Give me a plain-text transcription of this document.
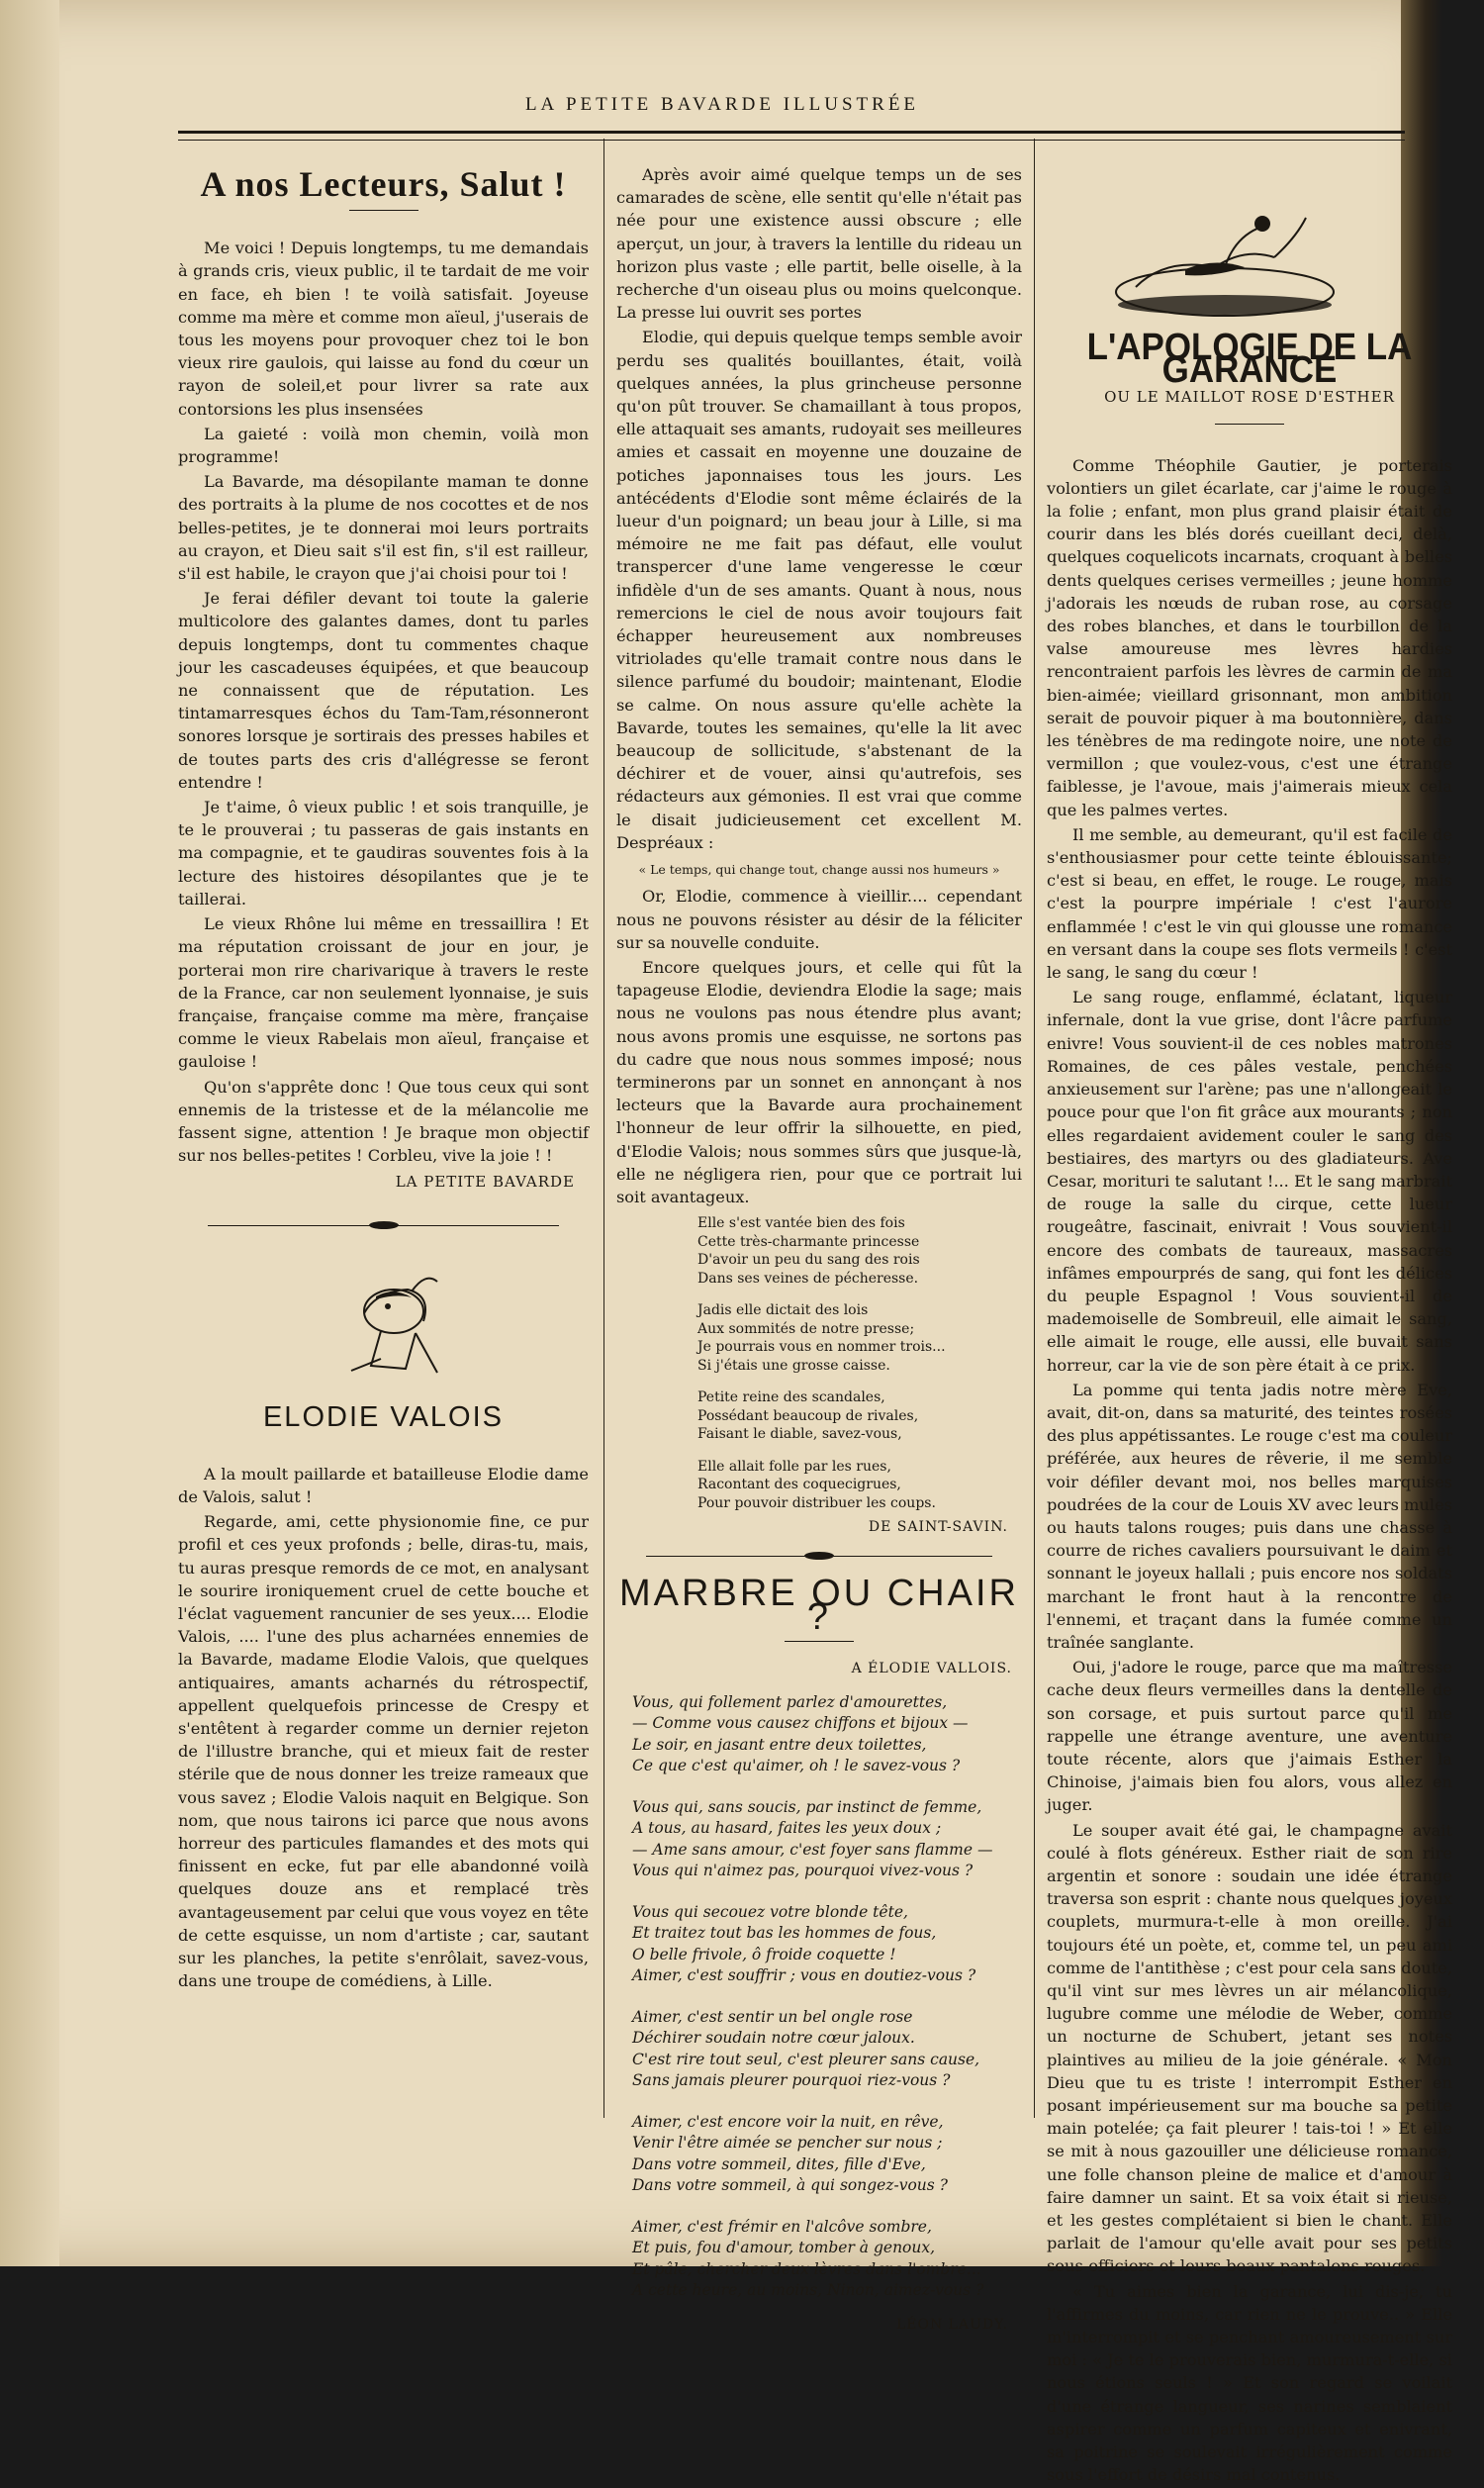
LA PETITE BAVARDE ILLUSTRÉE
A nos Lecteurs, Salut !

Me voici ! Depuis longtemps, tu me demandais à grands cris, vieux public, il te tardait de me voir en face, eh bien ! te voilà satisfait. Joyeuse comme ma mère et comme mon aïeul, j'userais de tous les moyens pour provoquer chez toi le bon vieux rire gaulois, qui laisse au fond du cœur un rayon de soleil,et pour livrer sa rate aux contorsions les plus insensées

La gaieté : voilà mon chemin, voilà mon programme!

La Bavarde, ma désopilante maman te donne des portraits à la plume de nos cocottes et de nos belles-petites, je te donnerai moi leurs portraits au crayon, et Dieu sait s'il est fin, s'il est railleur, s'il est habile, le crayon que j'ai choisi pour toi !

Je ferai défiler devant toi toute la galerie multicolore des galantes dames, dont tu parles depuis longtemps, dont tu commentes chaque jour les cascadeuses équipées, et que beaucoup ne connaissent que de réputation. Les tintamarresques échos du Tam-Tam,résonneront sonores lorsque je sortirais des presses habiles et de toutes parts des cris d'allégresse se feront entendre !

Je t'aime, ô vieux public ! et sois tranquille, je te le prouverai ; tu passeras de gais instants en ma compagnie, et te gaudiras souventes fois à la lecture des histoires désopilantes que je te taillerai.

Le vieux Rhône lui même en tressaillira ! Et ma réputation croissant de jour en jour, je porterai mon rire charivarique à travers le reste de la France, car non seulement lyonnaise, je suis française, française comme ma mère, française comme le vieux Rabelais mon aïeul, française et gauloise !

Qu'on s'apprête donc ! Que tous ceux qui sont ennemis de la tristesse et de la mélancolie me fassent signe, attention ! Je braque mon objectif sur nos belles-petites ! Corbleu, vive la joie ! !

LA PETITE BAVARDE
ELODIE VALOIS

A la moult paillarde et batailleuse Elodie dame de Valois, salut !

Regarde, ami, cette physionomie fine, ce pur profil et ces yeux profonds ; belle, diras-tu, mais, tu auras presque remords de ce mot, en analysant le sourire ironiquement cruel de cette bouche et l'éclat vaguement rancunier de ses yeux.... Elodie Valois, .... l'une des plus acharnées ennemies de la Bavarde, madame Elodie Valois, que quelques antiquaires, amants acharnés du rétrospectif, appellent quelquefois princesse de Crespy et s'entêtent à regarder comme un dernier rejeton de l'illustre branche, qui et mieux fait de rester stérile que de nous donner les treize rameaux que vous savez ; Elodie Valois naquit en Belgique. Son nom, que nous tairons ici parce que nous avons horreur des particules flamandes et des mots qui finissent en ecke, fut par elle abandonné voilà quelques douze ans et remplacé très avantageusement par celui que vous voyez en tête de cette esquisse, un nom d'artiste ; car, sautant sur les planches, la petite s'enrôlait, savez-vous, dans une troupe de comédiens, à Lille.

Après avoir aimé quelque temps un de ses camarades de scène, elle sentit qu'elle n'était pas née pour une existence aussi obscure ; elle aperçut, un jour, à travers la lentille du rideau un horizon plus vaste ; elle partit, belle oiselle, à la recherche d'un oiseau plus ou moins quelconque. La presse lui ouvrit ses portes

Elodie, qui depuis quelque temps semble avoir perdu ses qualités bouillantes, était, voilà quelques années, la plus grincheuse personne qu'on pût trouver. Se chamaillant à tous propos, elle attaquait ses amants, rudoyait ses meilleures amies et cassait en moyenne une douzaine de potiches japonnaises tous les jours. Les antécédents d'Elodie sont même éclairés de la lueur d'un poignard; un beau jour à Lille, si ma mémoire ne me fait pas défaut, elle voulut transpercer d'une lame vengeresse le cœur infidèle d'un de ses amants. Quant à nous, nous remercions le ciel de nous avoir toujours fait échapper heureusement aux nombreuses vitriolades qu'elle tramait contre nous dans le silence parfumé du boudoir; maintenant, Elodie se calme. On nous assure qu'elle achète la Bavarde, toutes les semaines, qu'elle la lit avec beaucoup de sollicitude, s'abstenant de la déchirer et de vouer, ainsi qu'autrefois, ses rédacteurs aux gémonies. Il est vrai que comme le disait judicieusement cet excellent M. Despréaux :

« Le temps, qui change tout, change aussi nos humeurs »

Or, Elodie, commence à vieillir.... cependant nous ne pouvons résister au désir de la féliciter sur sa nouvelle conduite.

Encore quelques jours, et celle qui fût la tapageuse Elodie, deviendra Elodie la sage; mais nous ne voulons pas nous étendre plus avant; nous avons promis une esquisse, ne sortons pas du cadre que nous nous sommes imposé; nous terminerons par un sonnet en annonçant à nos lecteurs que la Bavarde aura prochainement l'honneur de leur offrir la silhouette, en pied, d'Elodie Valois; nous sommes sûrs que jusque-là, elle ne négligera rien, pour que ce portrait lui soit avantageux.

Elle s'est vantée bien des fois
Cette très-charmante princesse
D'avoir un peu du sang des rois
Dans ses veines de pécheresse.
Jadis elle dictait des lois
Aux sommités de notre presse;
Je pourrais vous en nommer trois...
Si j'étais une grosse caisse.
Petite reine des scandales,
Possédant beaucoup de rivales,
Faisant le diable, savez-vous,
Elle allait folle par les rues,
Racontant des coquecigrues,
Pour pouvoir distribuer les coups.
DE SAINT-SAVIN.
MARBRE OU CHAIR ?
A ÉLODIE VALLOIS.
Vous, qui follement parlez d'amourettes,
— Comme vous causez chiffons et bijoux —
Le soir, en jasant entre deux toilettes,
Ce que c'est qu'aimer, oh ! le savez-vous ?
Vous qui, sans soucis, par instinct de femme,
A tous, au hasard, faites les yeux doux ;
— Ame sans amour, c'est foyer sans flamme —
Vous qui n'aimez pas, pourquoi vivez-vous ?
Vous qui secouez votre blonde tête,
Et traitez tout bas les hommes de fous,
O belle frivole, ô froide coquette !
Aimer, c'est souffrir ; vous en doutiez-vous ?
Aimer, c'est sentir un bel ongle rose
Déchirer soudain notre cœur jaloux.
C'est rire tout seul, c'est pleurer sans cause,
Sans jamais pleurer pourquoi riez-vous ?
Aimer, c'est encore voir la nuit, en rêve,
Venir l'être aimée se pencher sur nous ;
Dans votre sommeil, dites, fille d'Eve,
Dans votre sommeil, à qui songez-vous ?
Aimer, c'est frémir en l'alcôve sombre,
Et puis, fou d'amour, tomber à genoux,
Et pâle, chercher deux lèvres dans l'ombre...
A cette heure, au moins, Ninon, aimez-vous ?
LÉON LAUDY.
L'APOLOGIE DE LA GARANCE
OU LE MAILLOT ROSE D'ESTHER

Comme Théophile Gautier, je porterais volontiers un gilet écarlate, car j'aime le rouge à la folie ; enfant, mon plus grand plaisir était de courir dans les blés dorés cueillant deci, delà, quelques coquelicots incarnats, croquant à belles dents quelques cerises vermeilles ; jeune homme j'adorais les nœuds de ruban rose, au corsage des robes blanches, et dans le tourbillon de la valse amoureuse mes lèvres hardies rencontraient parfois les lèvres de carmin de ma bien-aimée; vieillard grisonnant, mon ambition serait de pouvoir piquer à ma boutonnière, dans les ténèbres de ma redingote noire, une note de vermillon ; que voulez-vous, c'est une étrange faiblesse, je l'avoue, mais j'aimerais mieux cela que les palmes vertes.

Il me semble, au demeurant, qu'il est facile de s'enthousiasmer pour cette teinte éblouissante; c'est si beau, en effet, le rouge. Le rouge, mais c'est la pourpre impériale ! c'est l'aurore enflammée ! c'est le vin qui glousse une romance en versant dans la coupe ses flots vermeils ! c'est le sang, le sang du cœur !

Le sang rouge, enflammé, éclatant, liqueur infernale, dont la vue grise, dont l'âcre parfume enivre! Vous souvient-il de ces nobles matrones Romaines, de ces pâles vestale, penchées anxieusement sur l'arène; pas une n'allongeait le pouce pour que l'on fit grâce aux mourants ; non elles regardaient avidement couler le sang des bestiaires, des martyrs ou des gladiateurs. Ave Cesar, morituri te salutant !... Et le sang marbrait de rouge la salle du cirque, cette lueur rougeâtre, fascinait, enivrait ! Vous souvient-il encore des combats de taureaux, massacres infâmes empourprés de sang, qui font les délices du peuple Espagnol ! Vous souvient-il de mademoiselle de Sombreuil, elle aimait le sang, elle aimait le rouge, elle aussi, elle buvait sans horreur, car la vie de son père était à ce prix.

La pomme qui tenta jadis notre mère Eve, avait, dit-on, dans sa maturité, des teintes rosées des plus appétissantes. Le rouge c'est ma couleur préférée, aux heures de rêverie, il me semble voir défiler devant moi, nos belles marquises poudrées de la cour de Louis XV avec leurs mules ou hauts talons rouges; puis dans une chasse à courre de riches cavaliers poursuivant le daim et sonnant le joyeux hallali ; puis encore nos soldats marchant le front haut à la rencontre de l'ennemi, et traçant dans la fumée comme un traînée sanglante.

Oui, j'adore le rouge, parce que ma maîtresse cache deux fleurs vermeilles dans la dentelle de son corsage, et puis surtout parce qu'il me rappelle une étrange aventure, une aventure toute récente, alors que j'aimais Esther la Chinoise, j'aimais bien fou alors, vous allez en juger.

Le souper avait été gai, le champagne avait coulé à flots généreux. Esther riait de son rire argentin et sonore : soudain une idée étrange traversa son esprit : chante nous quelques joyeux couplets, murmura-t-elle à mon oreille. J'ai toujours été un poète, et, comme tel, un peu ami comme de l'antithèse ; c'est pour cela sans doute, qu'il vint sur mes lèvres un air mélancolique, lugubre comme une mélodie de Weber, comme un nocturne de Schubert, jetant ses notes plaintives au milieu de la joie générale. « Mon Dieu que tu es triste ! interrompit Esther en posant impérieusement sur ma bouche sa petite main potelée; ça fait pleurer ! tais-toi ! » Et elle se mit à nous gazouiller une délicieuse romance, une folle chanson pleine de malice et d'amour à faire damner un saint. Et sa voix était si rieuse, et les gestes complétaient si bien le chant. Elle parlait de l'amour qu'elle avait pour ses petits sous-officiers et leurs beaux pantalons rouges.

« Tu aimes bien la garance, lui dis-je, tu l'affirmes du moins, car rien ne le prouve.. » Elle m'interrompit et se penchant amoureusement sur moi : « Je te le prouverais bien, murmura-t-elle, si nous étions seuls ! » Et son regard se voilait d'une étrange langueur, ses narines semblaient aspirer comme un parfum capiteux et enivrant, sa poitrine se soulevait irrégulièrement comme sous l'effort de désirs mal contenus.
